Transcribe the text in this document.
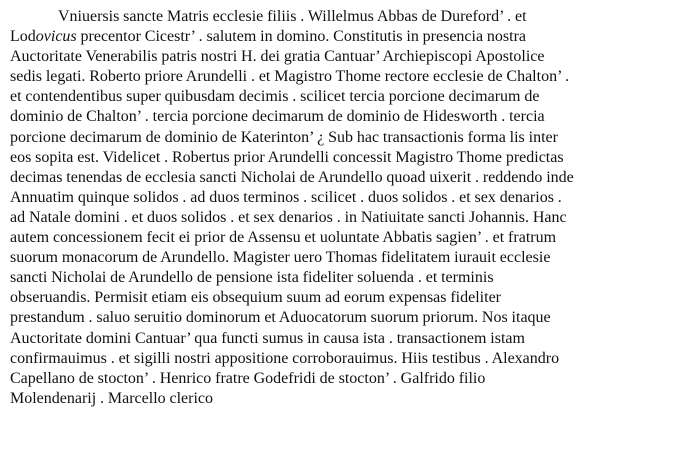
Vniuersis sancte Matris ecclesie filiis . Willelmus Abbas de Dureford’ . et
Lodovicus precentor Cicestr’ . salutem in domino. Constitutis in presencia nostra
Auctoritate Venerabilis patris nostri H. dei gratia Cantuar’ Archiepiscopi Apostolice
sedis legati. Roberto priore Arundelli . et Magistro Thome rectore ecclesie de Chalton’ .
et contendentibus super quibusdam decimis . scilicet tercia porcione decimarum de
dominio de Chalton’ . tercia porcione decimarum de dominio de Hidesworth . tercia
porcione decimarum de dominio de Katerinton’ ¿ Sub hac transactionis forma lis inter
eos sopita est. Videlicet . Robertus prior Arundelli concessit Magistro Thome predictas
decimas tenendas de ecclesia sancti Nicholai de Arundello quoad uixerit . reddendo inde
Annuatim quinque solidos . ad duos terminos . scilicet . duos solidos . et sex denarios .
ad Natale domini . et duos solidos . et sex denarios . in Natiuitate sancti Johannis. Hanc
autem concessionem fecit ei prior de Assensu et uoluntate Abbatis sagien’ . et fratrum
suorum monacorum de Arundello. Magister uero Thomas fidelitatem iurauit ecclesie
sancti Nicholai de Arundello de pensione ista fideliter soluenda . et terminis
obseruandis. Permisit etiam eis obsequium suum ad eorum expensas fideliter
prestandum . saluo seruitio dominorum et Aduocatorum suorum priorum. Nos itaque
Auctoritate domini Cantuar’ qua functi sumus in causa ista . transactionem istam
confirmauimus . et sigilli nostri appositione corroborauimus. Hiis testibus . Alexandro
Capellano de stocton’ . Henrico fratre Godefridi de stocton’ . Galfrido filio
Molendenarij . Marcello clerico
